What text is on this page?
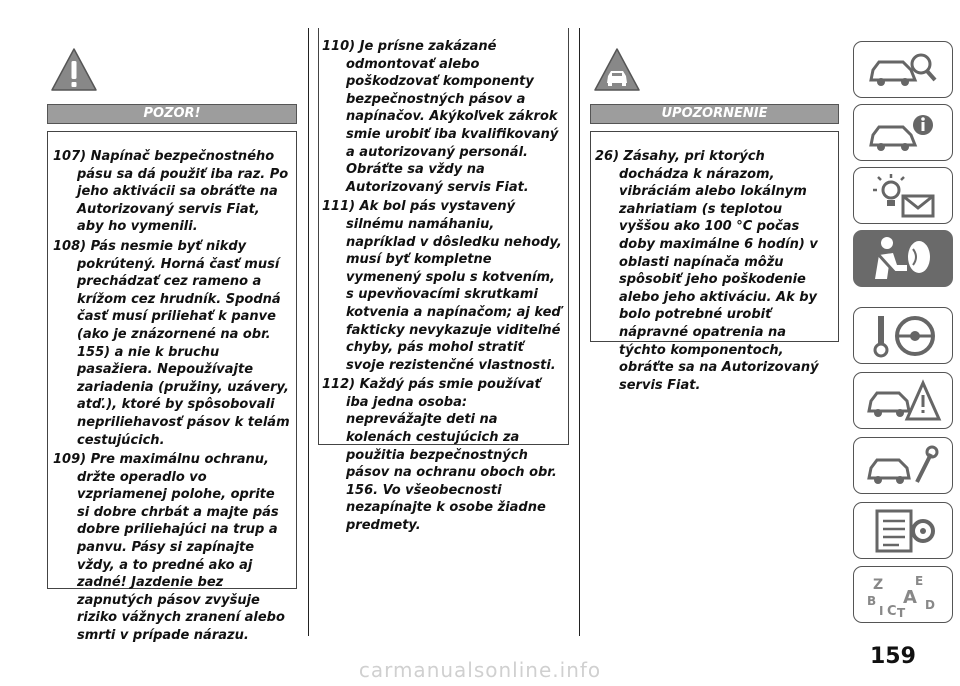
POZOR!

107) Napínač bezpečnostného pásu sa dá použiť iba raz. Po jeho aktivácii sa obráťte na Autorizovaný servis Fiat, aby ho vymenili.

108) Pás nesmie byť nikdy pokrútený. Horná časť musí prechádzať cez rameno a krížom cez hrudník. Spodná časť musí priliehať k panve (ako je znázornené na obr. 155) a nie k bruchu pasažiera. Nepoužívajte zariadenia (pružiny, uzávery, atď.), ktoré by spôsobovali nepriliehavosť pásov k telám cestujúcich.

109) Pre maximálnu ochranu, držte operadlo vo vzpriamenej polohe, oprite si dobre chrbát a majte pás dobre priliehajúci na trup a panvu. Pásy si zapínajte vždy, a to predné ako aj zadné! Jazdenie bez zapnutých pásov zvyšuje riziko vážnych zranení alebo smrti v prípade nárazu.

110) Je prísne zakázané odmontovať alebo poškodzovať komponenty bezpečnostných pásov a napínačov. Akýkoľvek zákrok smie urobiť iba kvalifikovaný a autorizovaný personál. Obráťte sa vždy na Autorizovaný servis Fiat.

111) Ak bol pás vystavený silnému namáhaniu, napríklad v dôsledku nehody, musí byť kompletne vymenený spolu s kotvením, s upevňovacími skrutkami kotvenia a napínačom; aj keď fakticky nevykazuje viditeľné chyby, pás mohol stratiť svoje rezistenčné vlastnosti.

112) Každý pás smie používať iba jedna osoba: neprevážajte deti na kolenách cestujúcich za použitia bezpečnostných pásov na ochranu oboch obr. 156. Vo všeobecnosti nezapínajte k osobe žiadne predmety.

UPOZORNENIE

26) Zásahy, pri ktorých dochádza k nárazom, vibráciám alebo lokálnym zahriatiam (s teplotou vyššou ako 100 °C počas doby maximálne 6 hodín) v oblasti napínača môžu spôsobiť jeho poškodenie alebo jeho aktiváciu. Ak by bolo potrebné urobiť nápravné opatrenia na týchto komponentoch, obráťte sa na Autorizovaný servis Fiat.

Z	E
B A D
I C T
159
carmanualsonline.info
